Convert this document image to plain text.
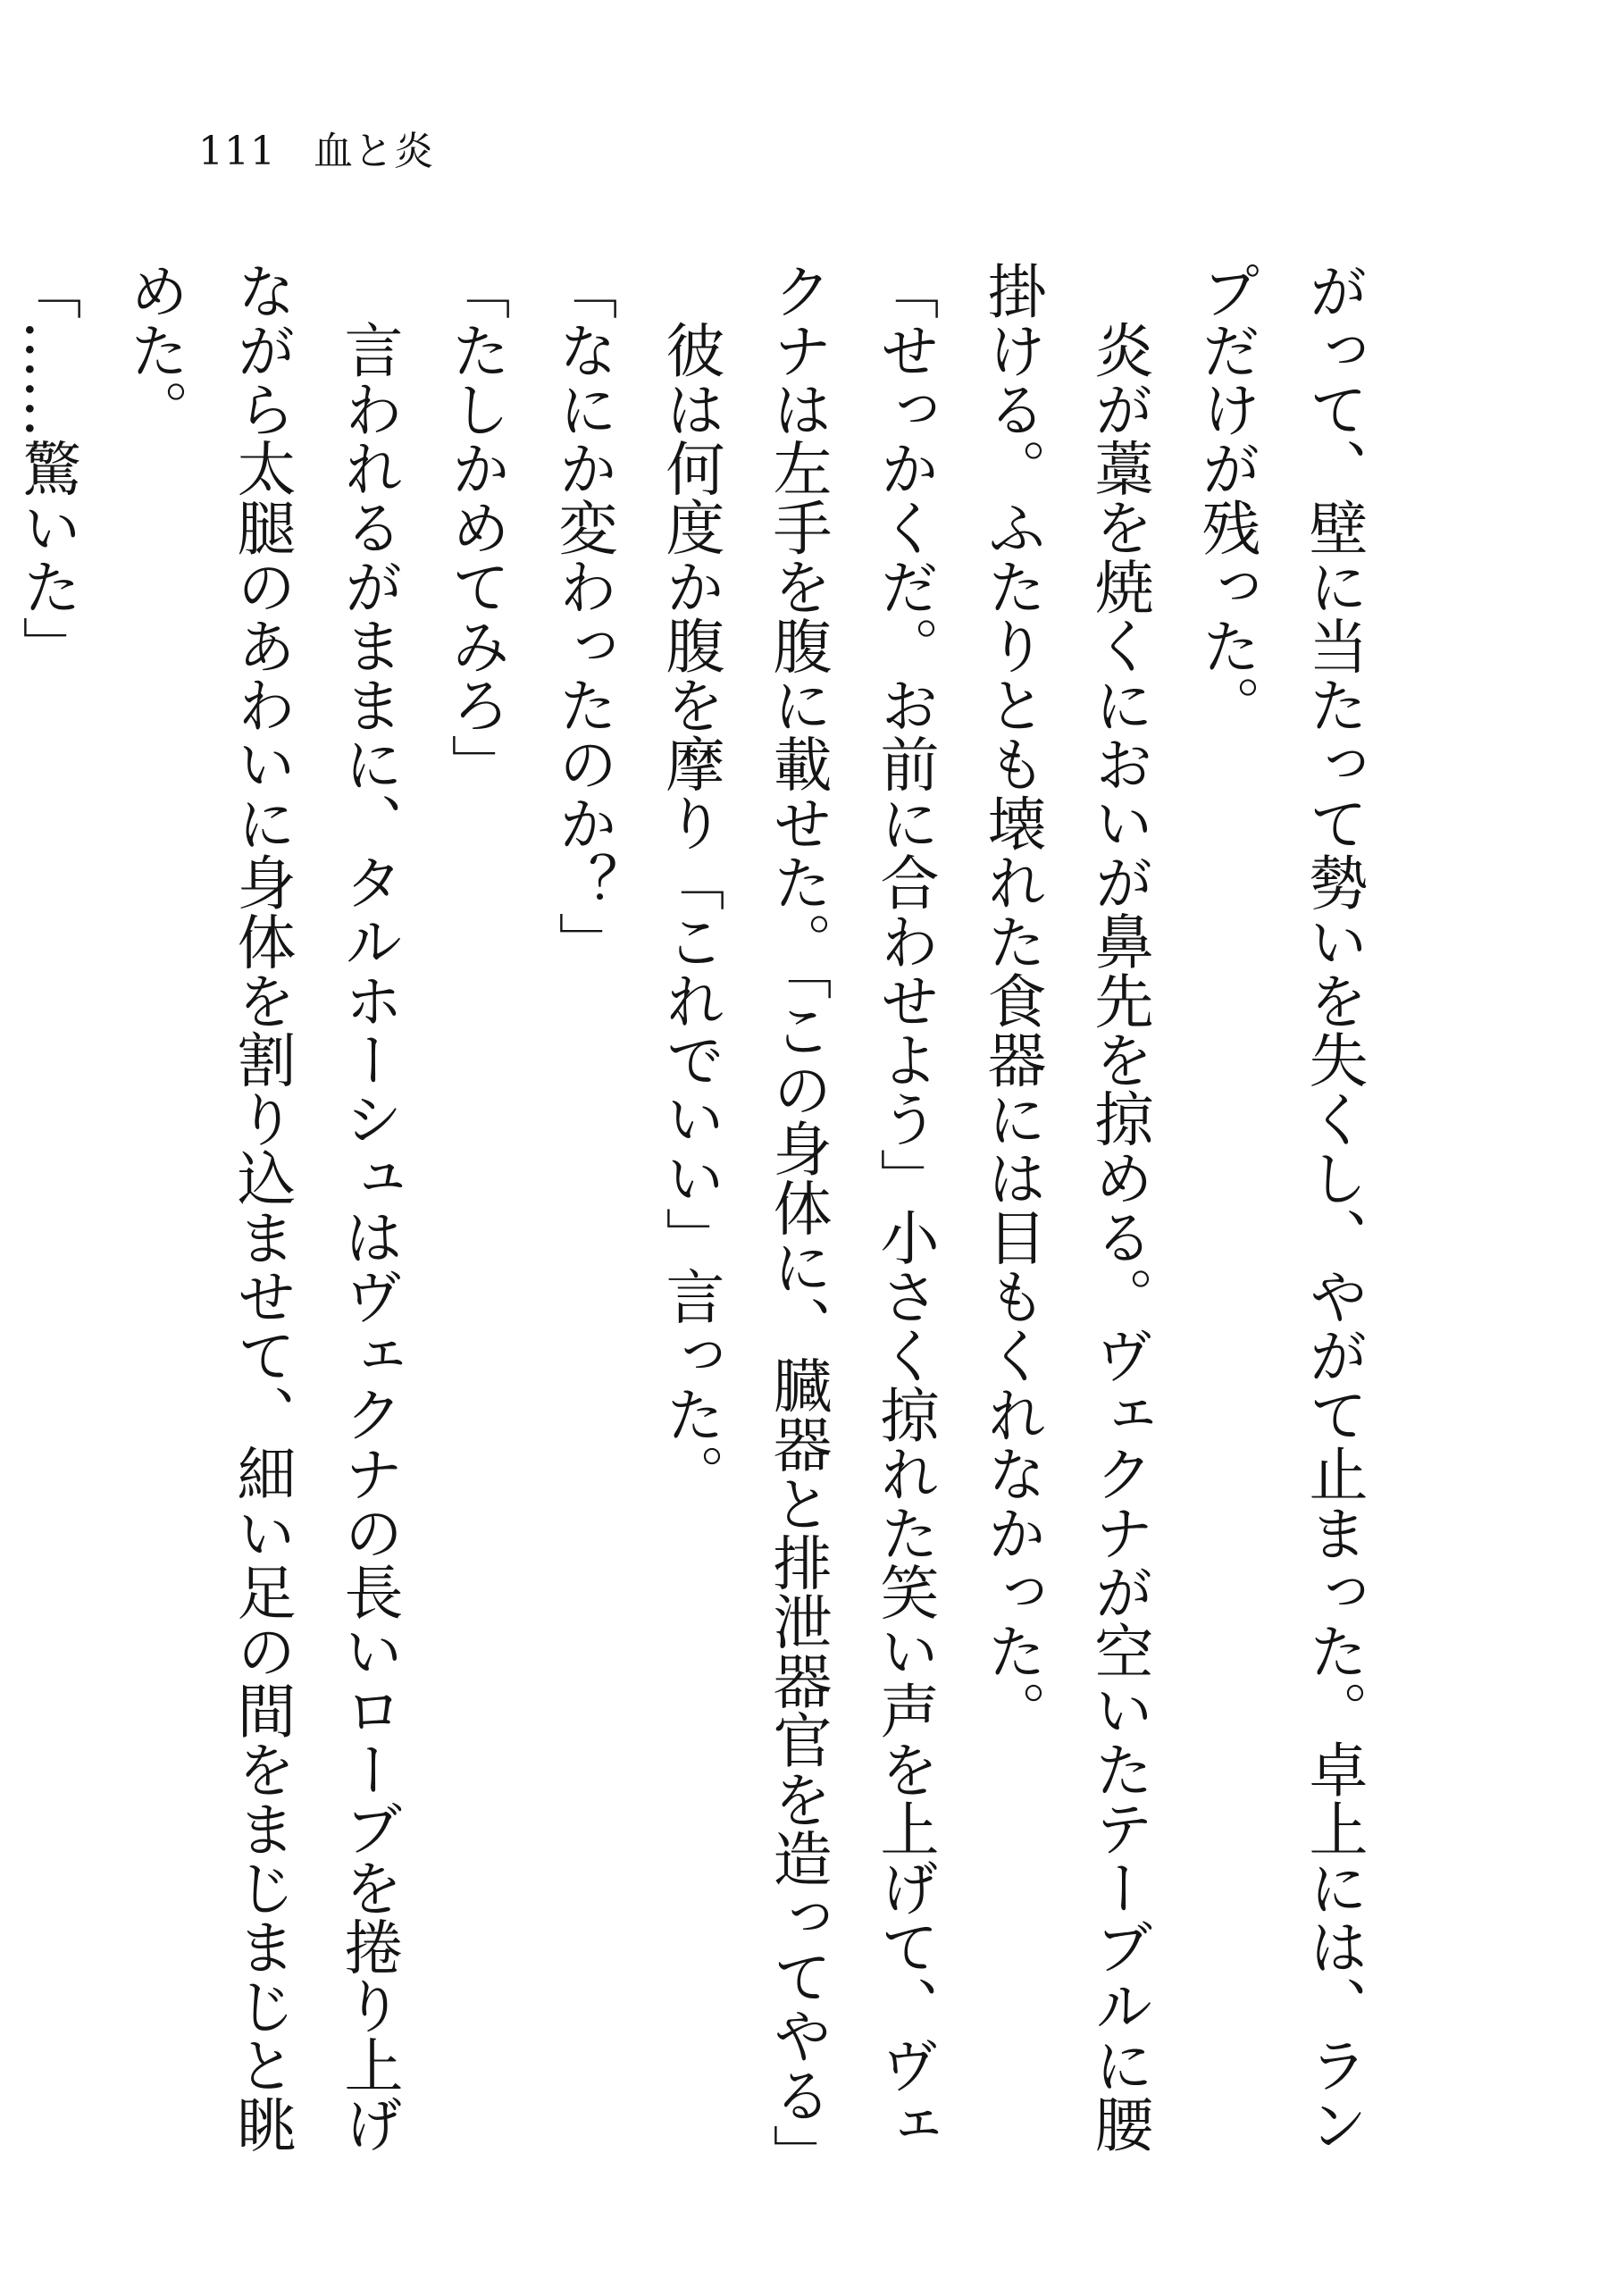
111 血と炎

がって、壁に当たって勢いを失くし、やがて止まった。卓上には、ランプだけが残った。

炎が藁を焼くにおいが鼻先を掠める。ヴェクナが空いたテーブルに腰掛ける。ふたりとも壊れた食器には目もくれなかった。

「せっかくだ。お前に合わせよう」小さく掠れた笑い声を上げて、ヴェクナは左手を腹に載せた。「この身体に、臓器と排泄器官を造ってやる」

彼は何度か腹を摩り「これでいい」言った。

「なにか変わったのか？」

「たしかめてみろ」

言われるがままに、タルホーシュはヴェクナの長いローブを捲り上げながら太腿のあわいに身体を割り込ませて、細い足の間をまじまじと眺めた。

「……驚いた」
